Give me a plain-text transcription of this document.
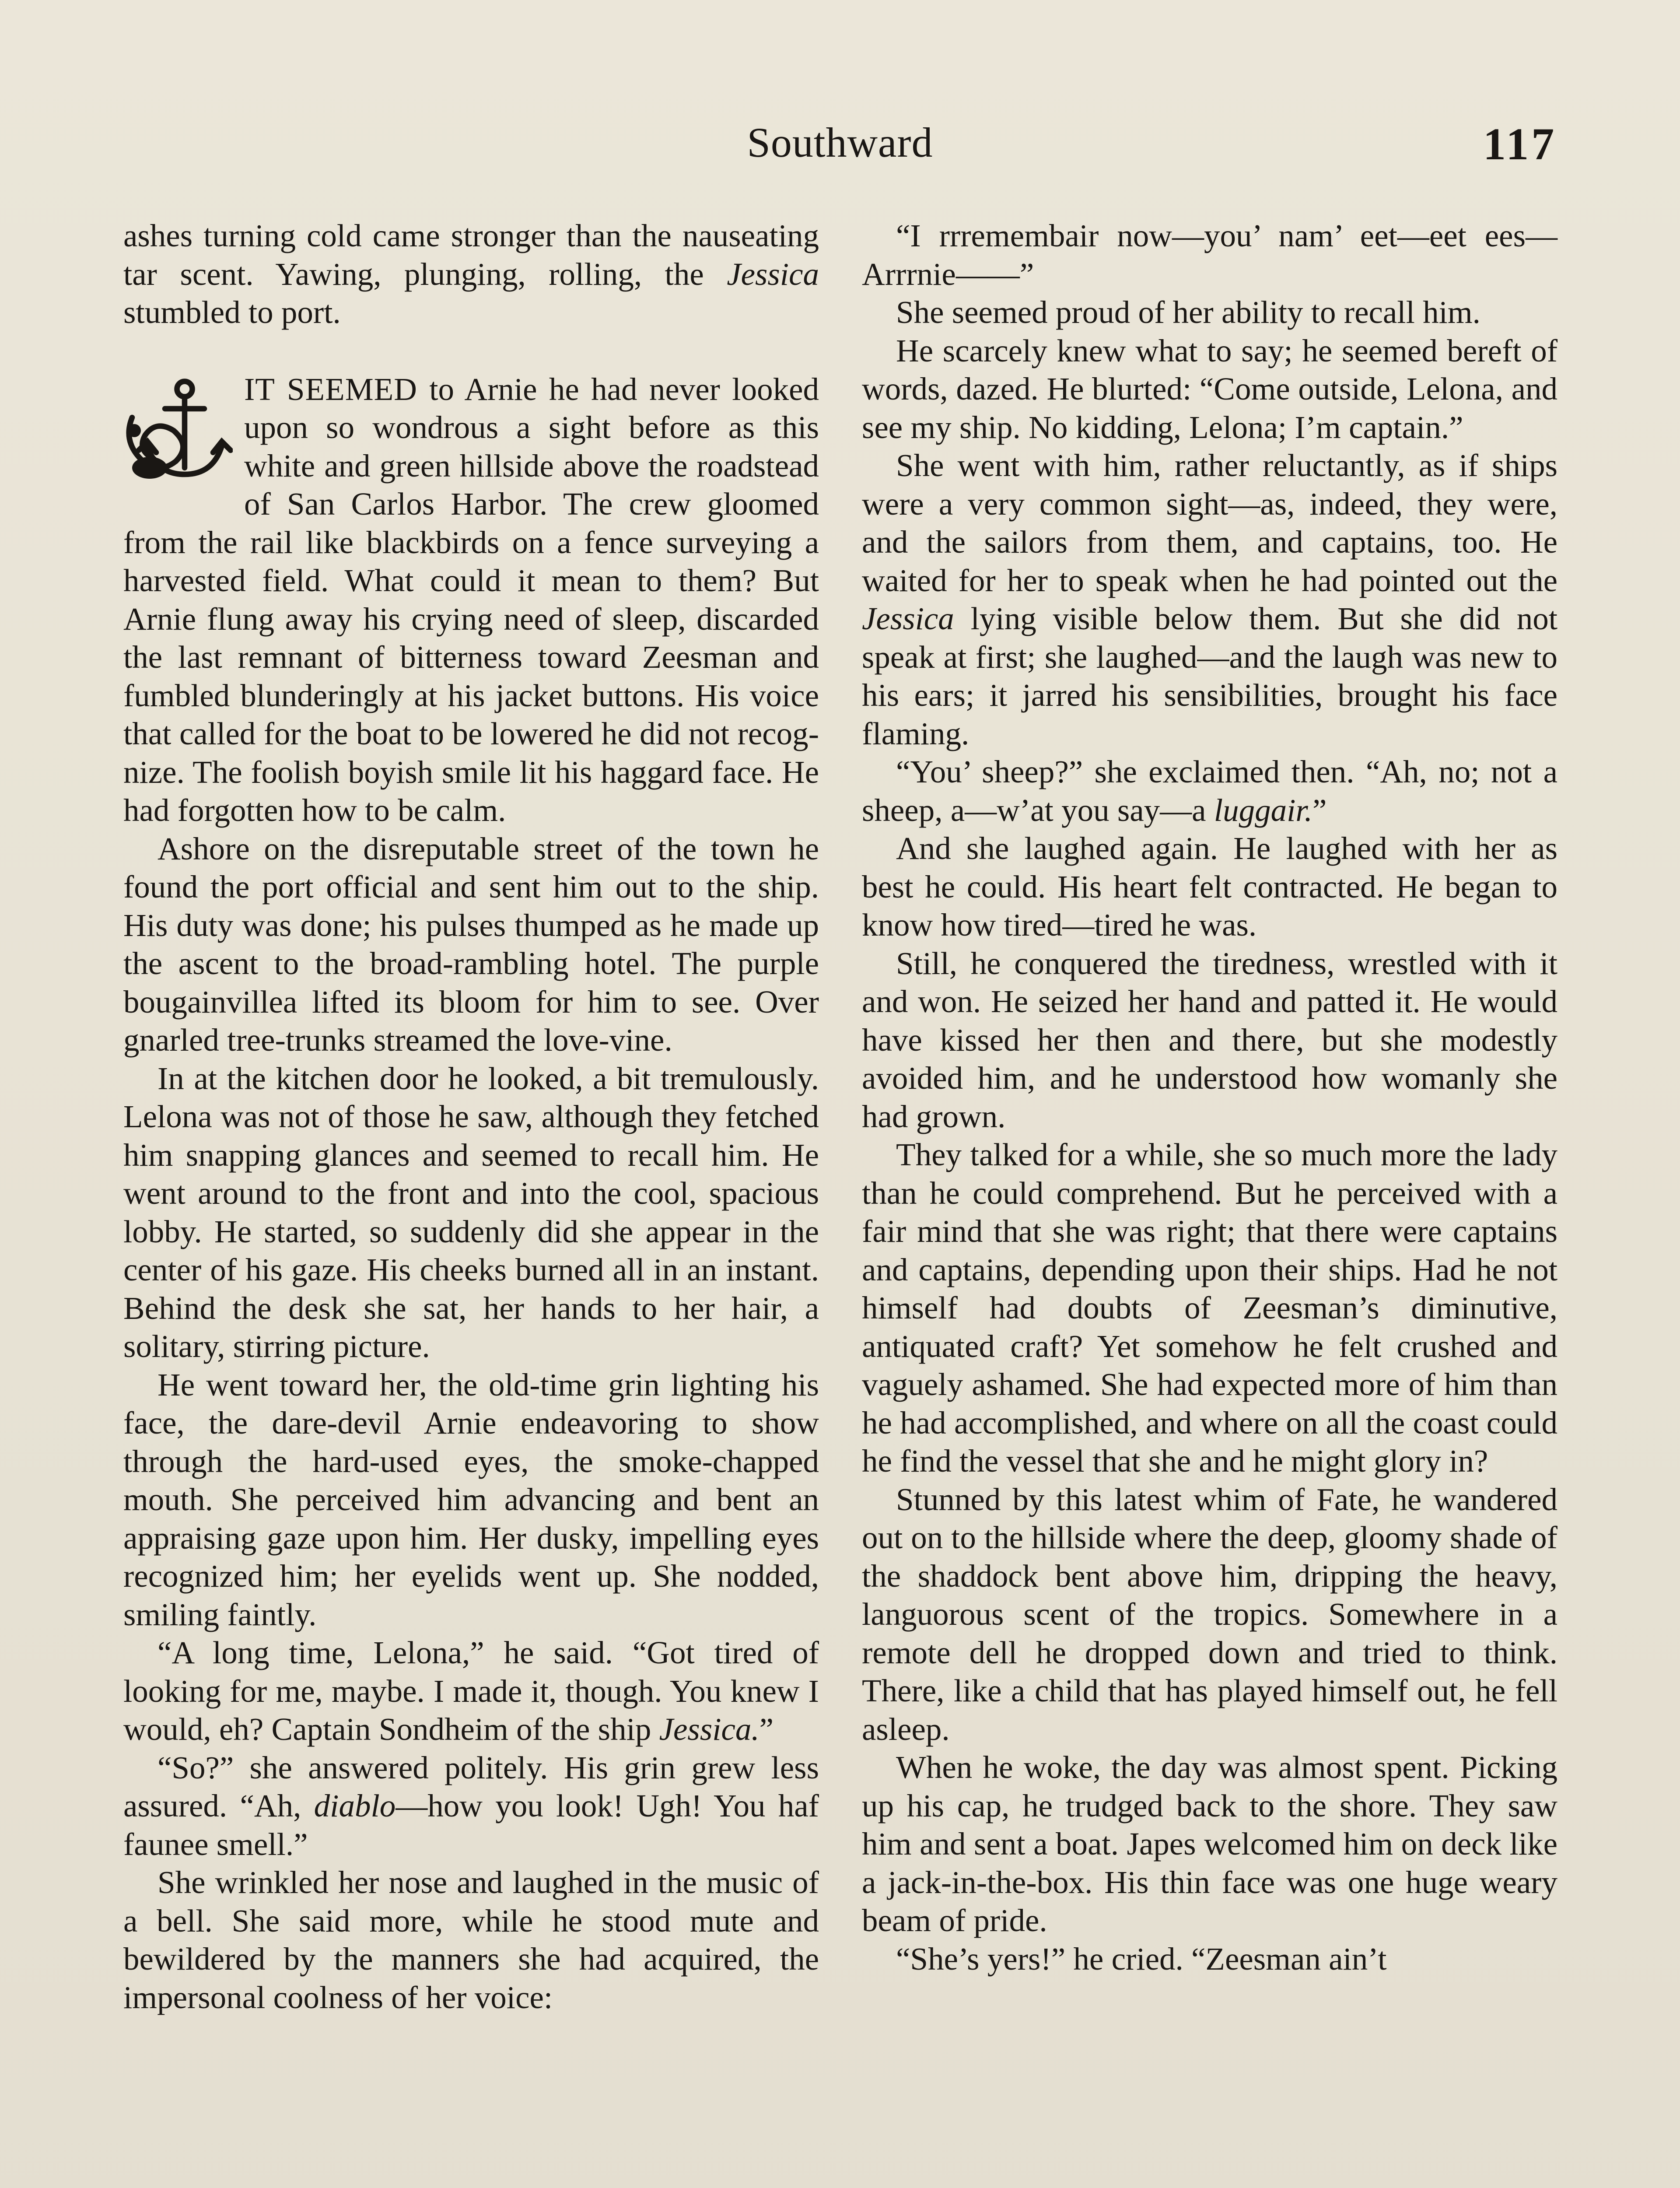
Southward	117

ashes turning cold came stronger than the nauseating tar scent. Yawing, plunging, rolling, the Jessica stumbled to port.

IT SEEMED to Arnie he had never looked upon so wondrous a sight before as this white and green hillside above the roadstead of San Carlos Harbor. The crew gloomed from the rail like blackbirds on a fence surveying a harvested field. What could it mean to them? But Arnie flung away his crying need of sleep, discarded the last remnant of bitterness toward Zeesman and fumbled blunderingly at his jacket buttons. His voice that called for the boat to be lowered he did not recognize. The foolish boyish smile lit his haggard face. He had forgotten how to be calm.

Ashore on the disreputable street of the town he found the port official and sent him out to the ship. His duty was done; his pulses thumped as he made up the ascent to the broad-rambling hotel. The purple bougainvillea lifted its bloom for him to see. Over gnarled tree-trunks streamed the love-vine.

In at the kitchen door he looked, a bit tremulously. Lelona was not of those he saw, although they fetched him snapping glances and seemed to recall him. He went around to the front and into the cool, spacious lobby. He started, so suddenly did she appear in the center of his gaze. His cheeks burned all in an instant. Behind the desk she sat, her hands to her hair, a solitary, stirring picture.

He went toward her, the old-time grin lighting his face, the dare-devil Arnie endeavoring to show through the hard-used eyes, the smoke-chapped mouth. She perceived him advancing and bent an appraising gaze upon him. Her dusky, impelling eyes recognized him; her eyelids went up. She nodded, smiling faintly.

“A long time, Lelona,” he said. “Got tired of looking for me, maybe. I made it, though. You knew I would, eh? Captain Sondheim of the ship Jessica.”

“So?” she answered politely. His grin grew less assured. “Ah, diablo—how you look! Ugh! You haf faunee smell.”

She wrinkled her nose and laughed in the music of a bell. She said more, while he stood mute and bewildered by the manners she had acquired, the impersonal coolness of her voice:

“I rrremembair now—you’ nam’ eet—eet ees—Arrrnie——”

She seemed proud of her ability to recall him.

He scarcely knew what to say; he seemed bereft of words, dazed. He blurted: “Come outside, Lelona, and see my ship. No kidding, Lelona; I’m captain.”

She went with him, rather reluctantly, as if ships were a very common sight—as, indeed, they were, and the sailors from them, and captains, too. He waited for her to speak when he had pointed out the Jessica lying visible below them. But she did not speak at first; she laughed—and the laugh was new to his ears; it jarred his sensibilities, brought his face flaming.

“You’ sheep?” she exclaimed then. “Ah, no; not a sheep, a—w’at you say—a luggair.”

And she laughed again. He laughed with her as best he could. His heart felt contracted. He began to know how tired—tired he was.

Still, he conquered the tiredness, wrestled with it and won. He seized her hand and patted it. He would have kissed her then and there, but she modestly avoided him, and he understood how womanly she had grown.

They talked for a while, she so much more the lady than he could comprehend. But he perceived with a fair mind that she was right; that there were captains and captains, depending upon their ships. Had he not himself had doubts of Zeesman’s diminutive, antiquated craft? Yet somehow he felt crushed and vaguely ashamed. She had expected more of him than he had accomplished, and where on all the coast could he find the vessel that she and he might glory in?

Stunned by this latest whim of Fate, he wandered out on to the hillside where the deep, gloomy shade of the shaddock bent above him, dripping the heavy, languorous scent of the tropics. Somewhere in a remote dell he dropped down and tried to think. There, like a child that has played himself out, he fell asleep.

When he woke, the day was almost spent. Picking up his cap, he trudged back to the shore. They saw him and sent a boat. Japes welcomed him on deck like a jack-in-the-box. His thin face was one huge weary beam of pride.

“She’s yers!” he cried. “Zeesman ain’t
